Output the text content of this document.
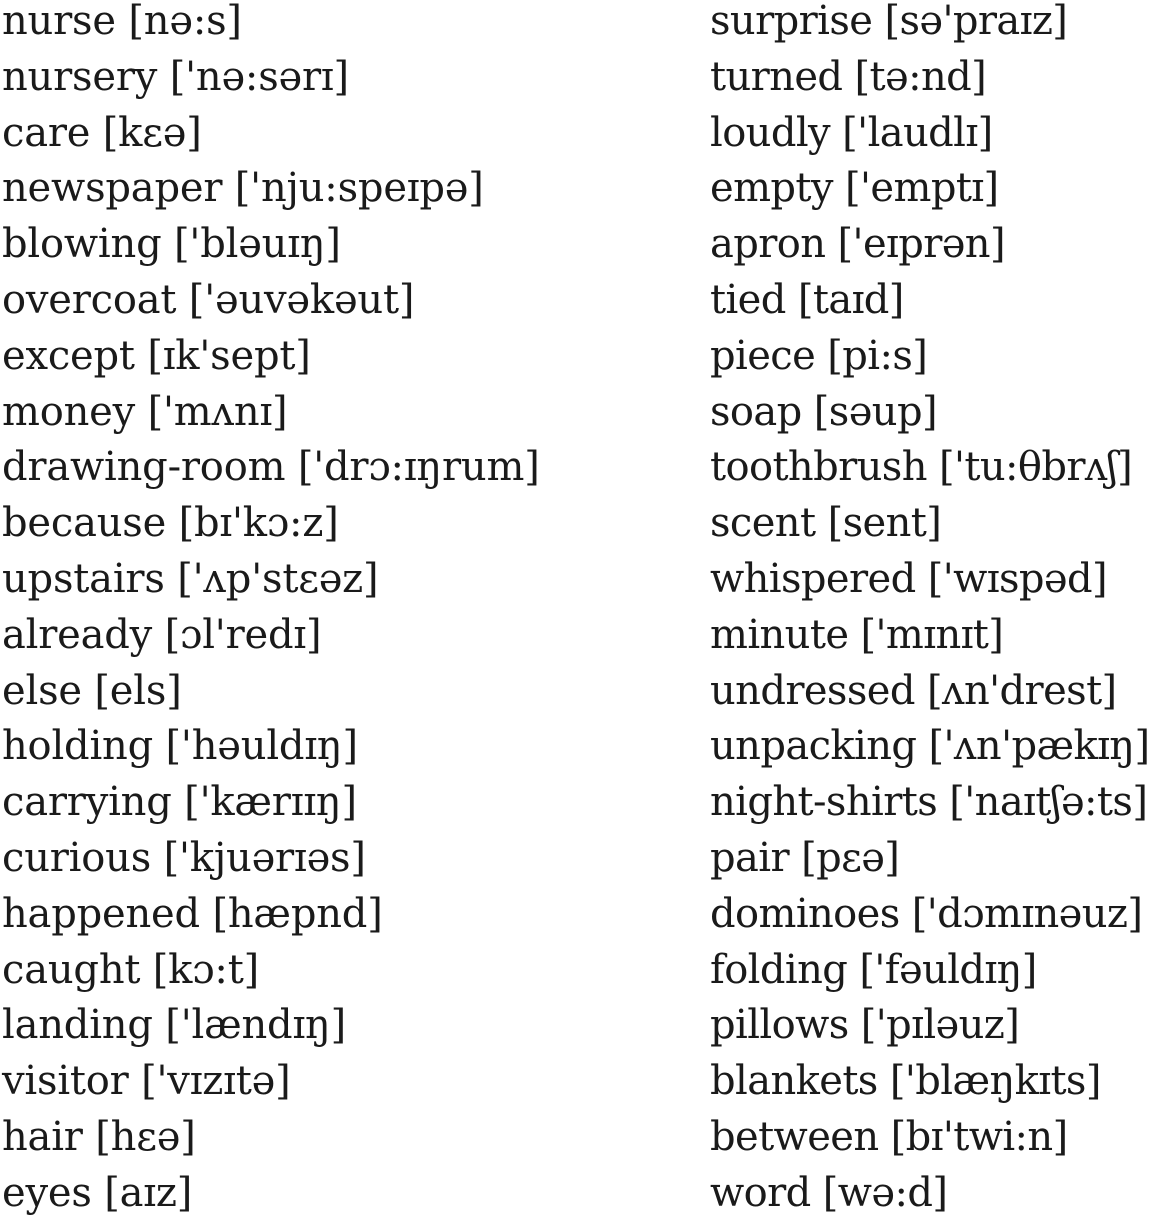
nurse [nə:s]
nursery ['nə:sərɪ]
care [kεə]
newspaper ['nju:speɪpə]
blowing ['bləuɪŋ]
overcoat ['əuvəkəut]
except [ɪk'sept]
money ['mʌnɪ]
drawing-room ['drɔ:ɪŋrum]
because [bɪ'kɔ:z]
upstairs ['ʌp'stεəz]
already [ɔl'redɪ]
else [els]
holding ['həuldɪŋ]
carrying ['kærɪɪŋ]
curious ['kjuərɪəs]
happened [hæpnd]
caught [kɔ:t]
landing ['lændɪŋ]
visitor ['vɪzɪtə]
hair [hεə]
eyes [aɪz]
surprise [sə'praɪz]
turned [tə:nd]
loudly ['laudlɪ]
empty ['emptɪ]
apron ['eɪprən]
tied [taɪd]
piece [pi:s]
soap [səup]
toothbrush ['tu:θbrʌʃ]
scent [sent]
whispered ['wɪspəd]
minute ['mɪnɪt]
undressed [ʌn'drest]
unpacking ['ʌn'pækɪŋ]
night-shirts ['naɪtʃə:ts]
pair [pεə]
dominoes ['dɔmɪnəuz]
folding ['fəuldɪŋ]
pillows ['pɪləuz]
blankets ['blæŋkɪts]
between [bɪ'twi:n]
word [wə:d]
